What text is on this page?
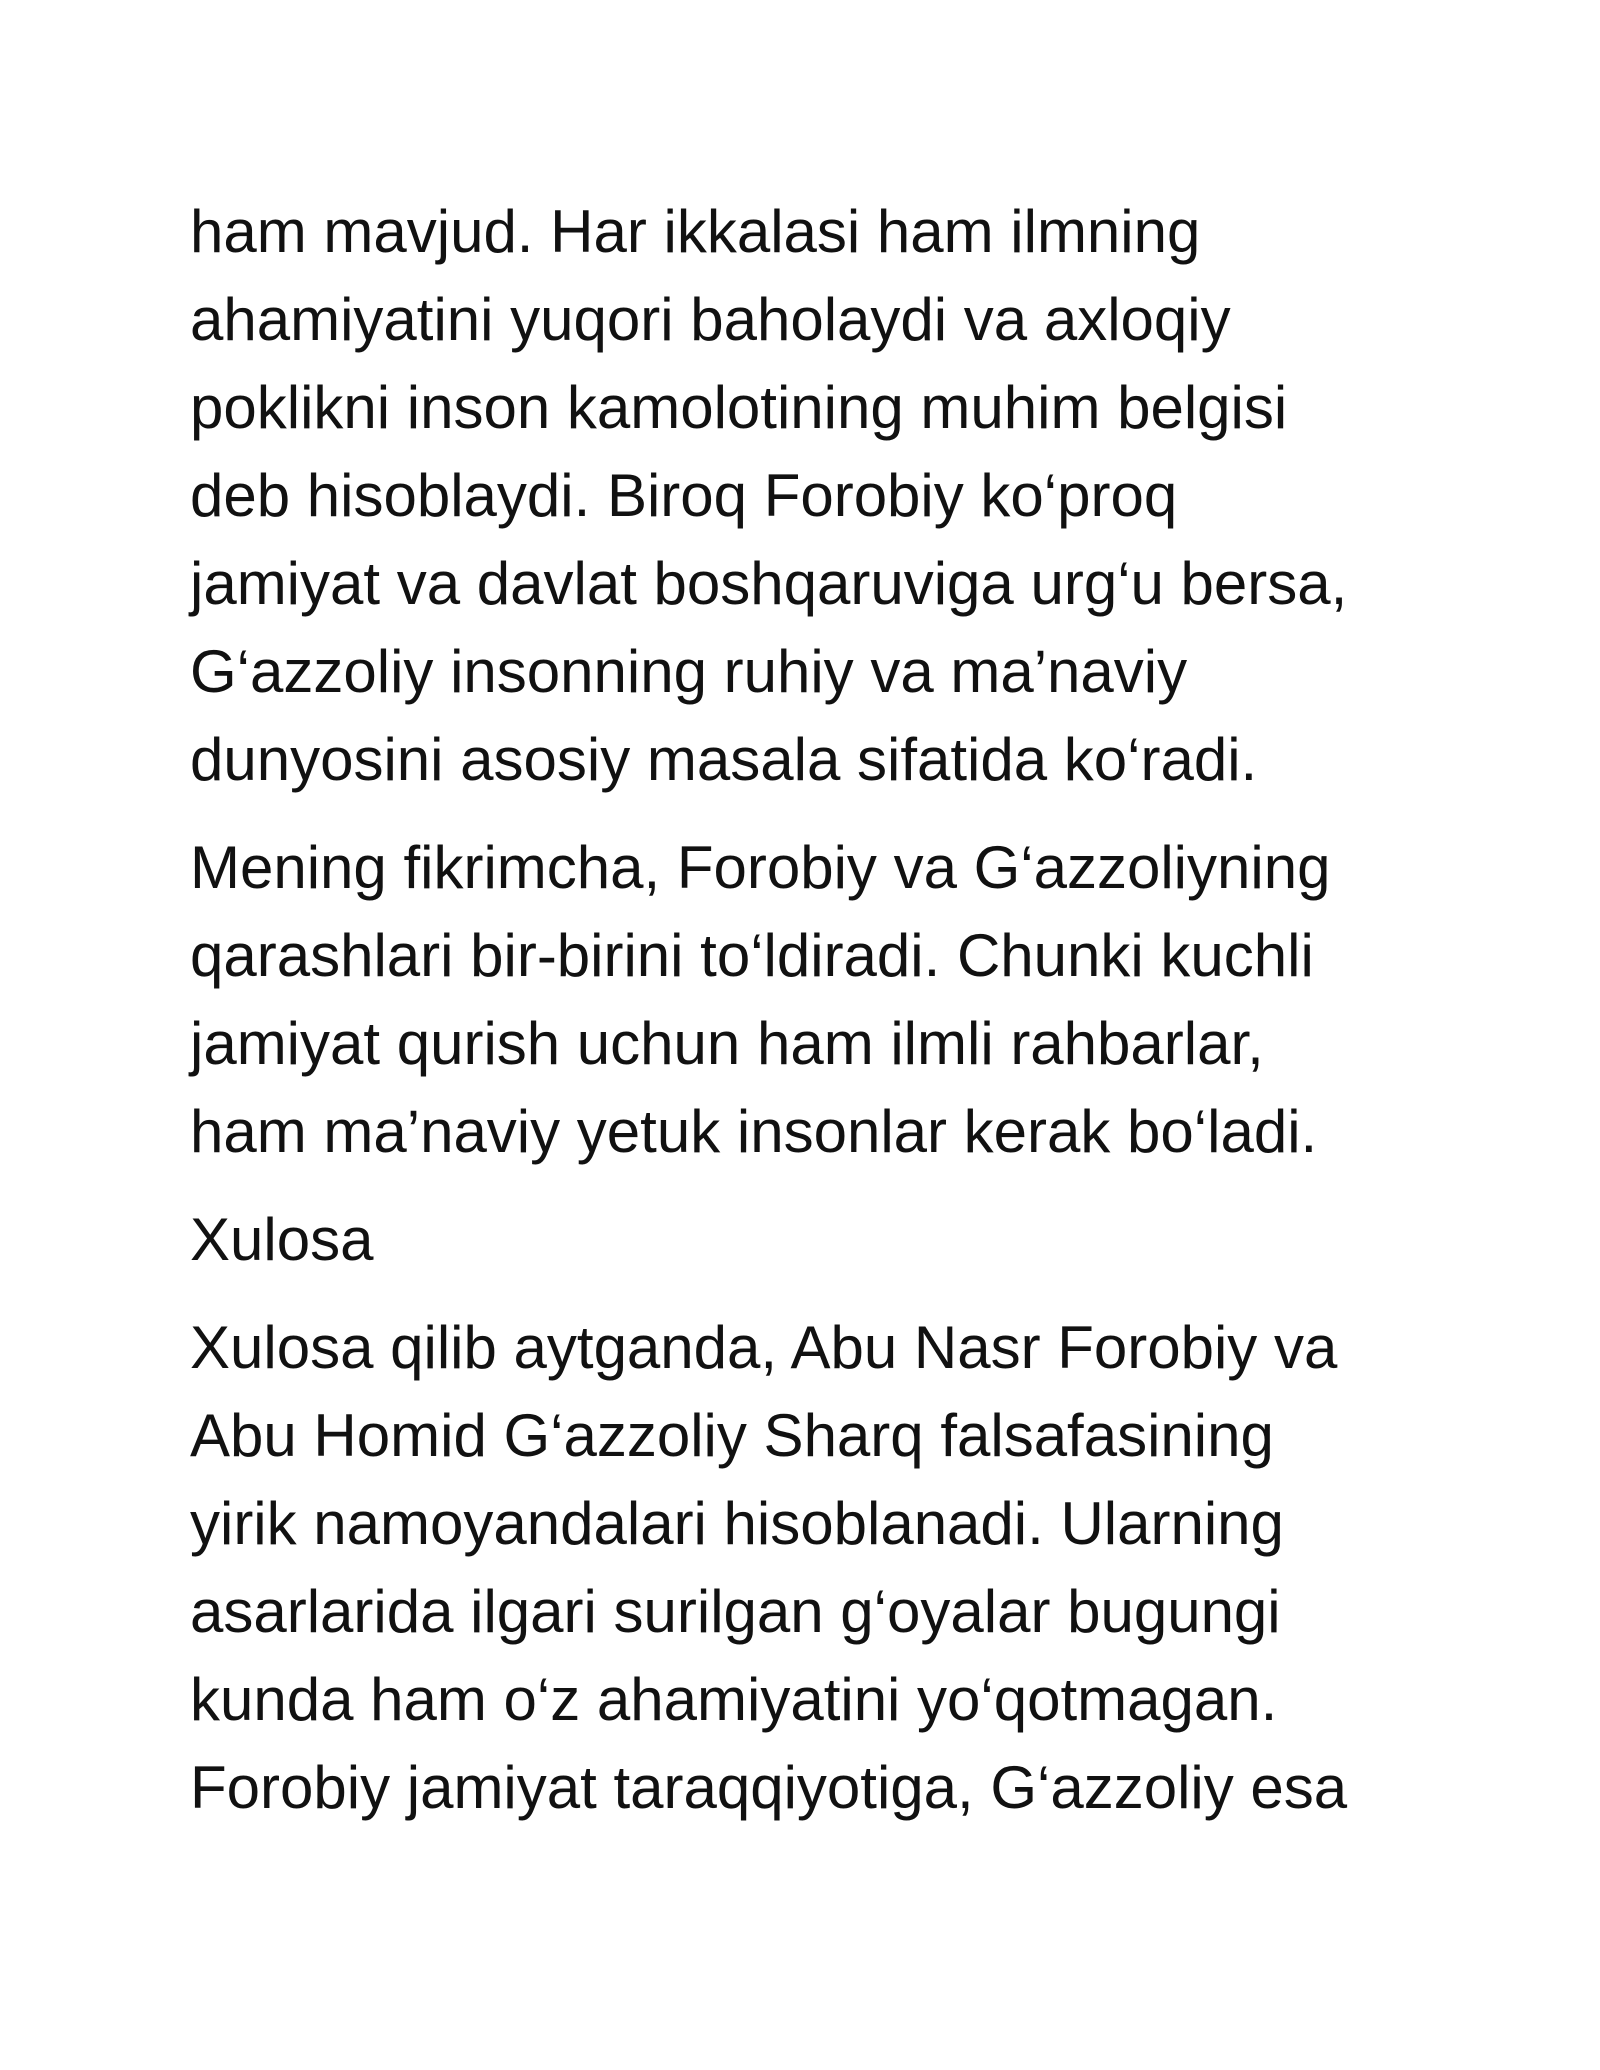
ham mavjud. Har ikkalasi ham ilmning
ahamiyatini yuqori baholaydi va axloqiy
poklikni inson kamolotining muhim belgisi
deb hisoblaydi. Biroq Forobiy ko‘proq
jamiyat va davlat boshqaruviga urg‘u bersa,
G‘azzoliy insonning ruhiy va ma’naviy
dunyosini asosiy masala sifatida ko‘radi.

Mening fikrimcha, Forobiy va G‘azzoliyning
qarashlari bir-birini to‘ldiradi. Chunki kuchli
jamiyat qurish uchun ham ilmli rahbarlar,
ham ma’naviy yetuk insonlar kerak bo‘ladi.

Xulosa

Xulosa qilib aytganda, Abu Nasr Forobiy va
Abu Homid G‘azzoliy Sharq falsafasining
yirik namoyandalari hisoblanadi. Ularning
asarlarida ilgari surilgan g‘oyalar bugungi
kunda ham o‘z ahamiyatini yo‘qotmagan.
Forobiy jamiyat taraqqiyotiga, G‘azzoliy esa
